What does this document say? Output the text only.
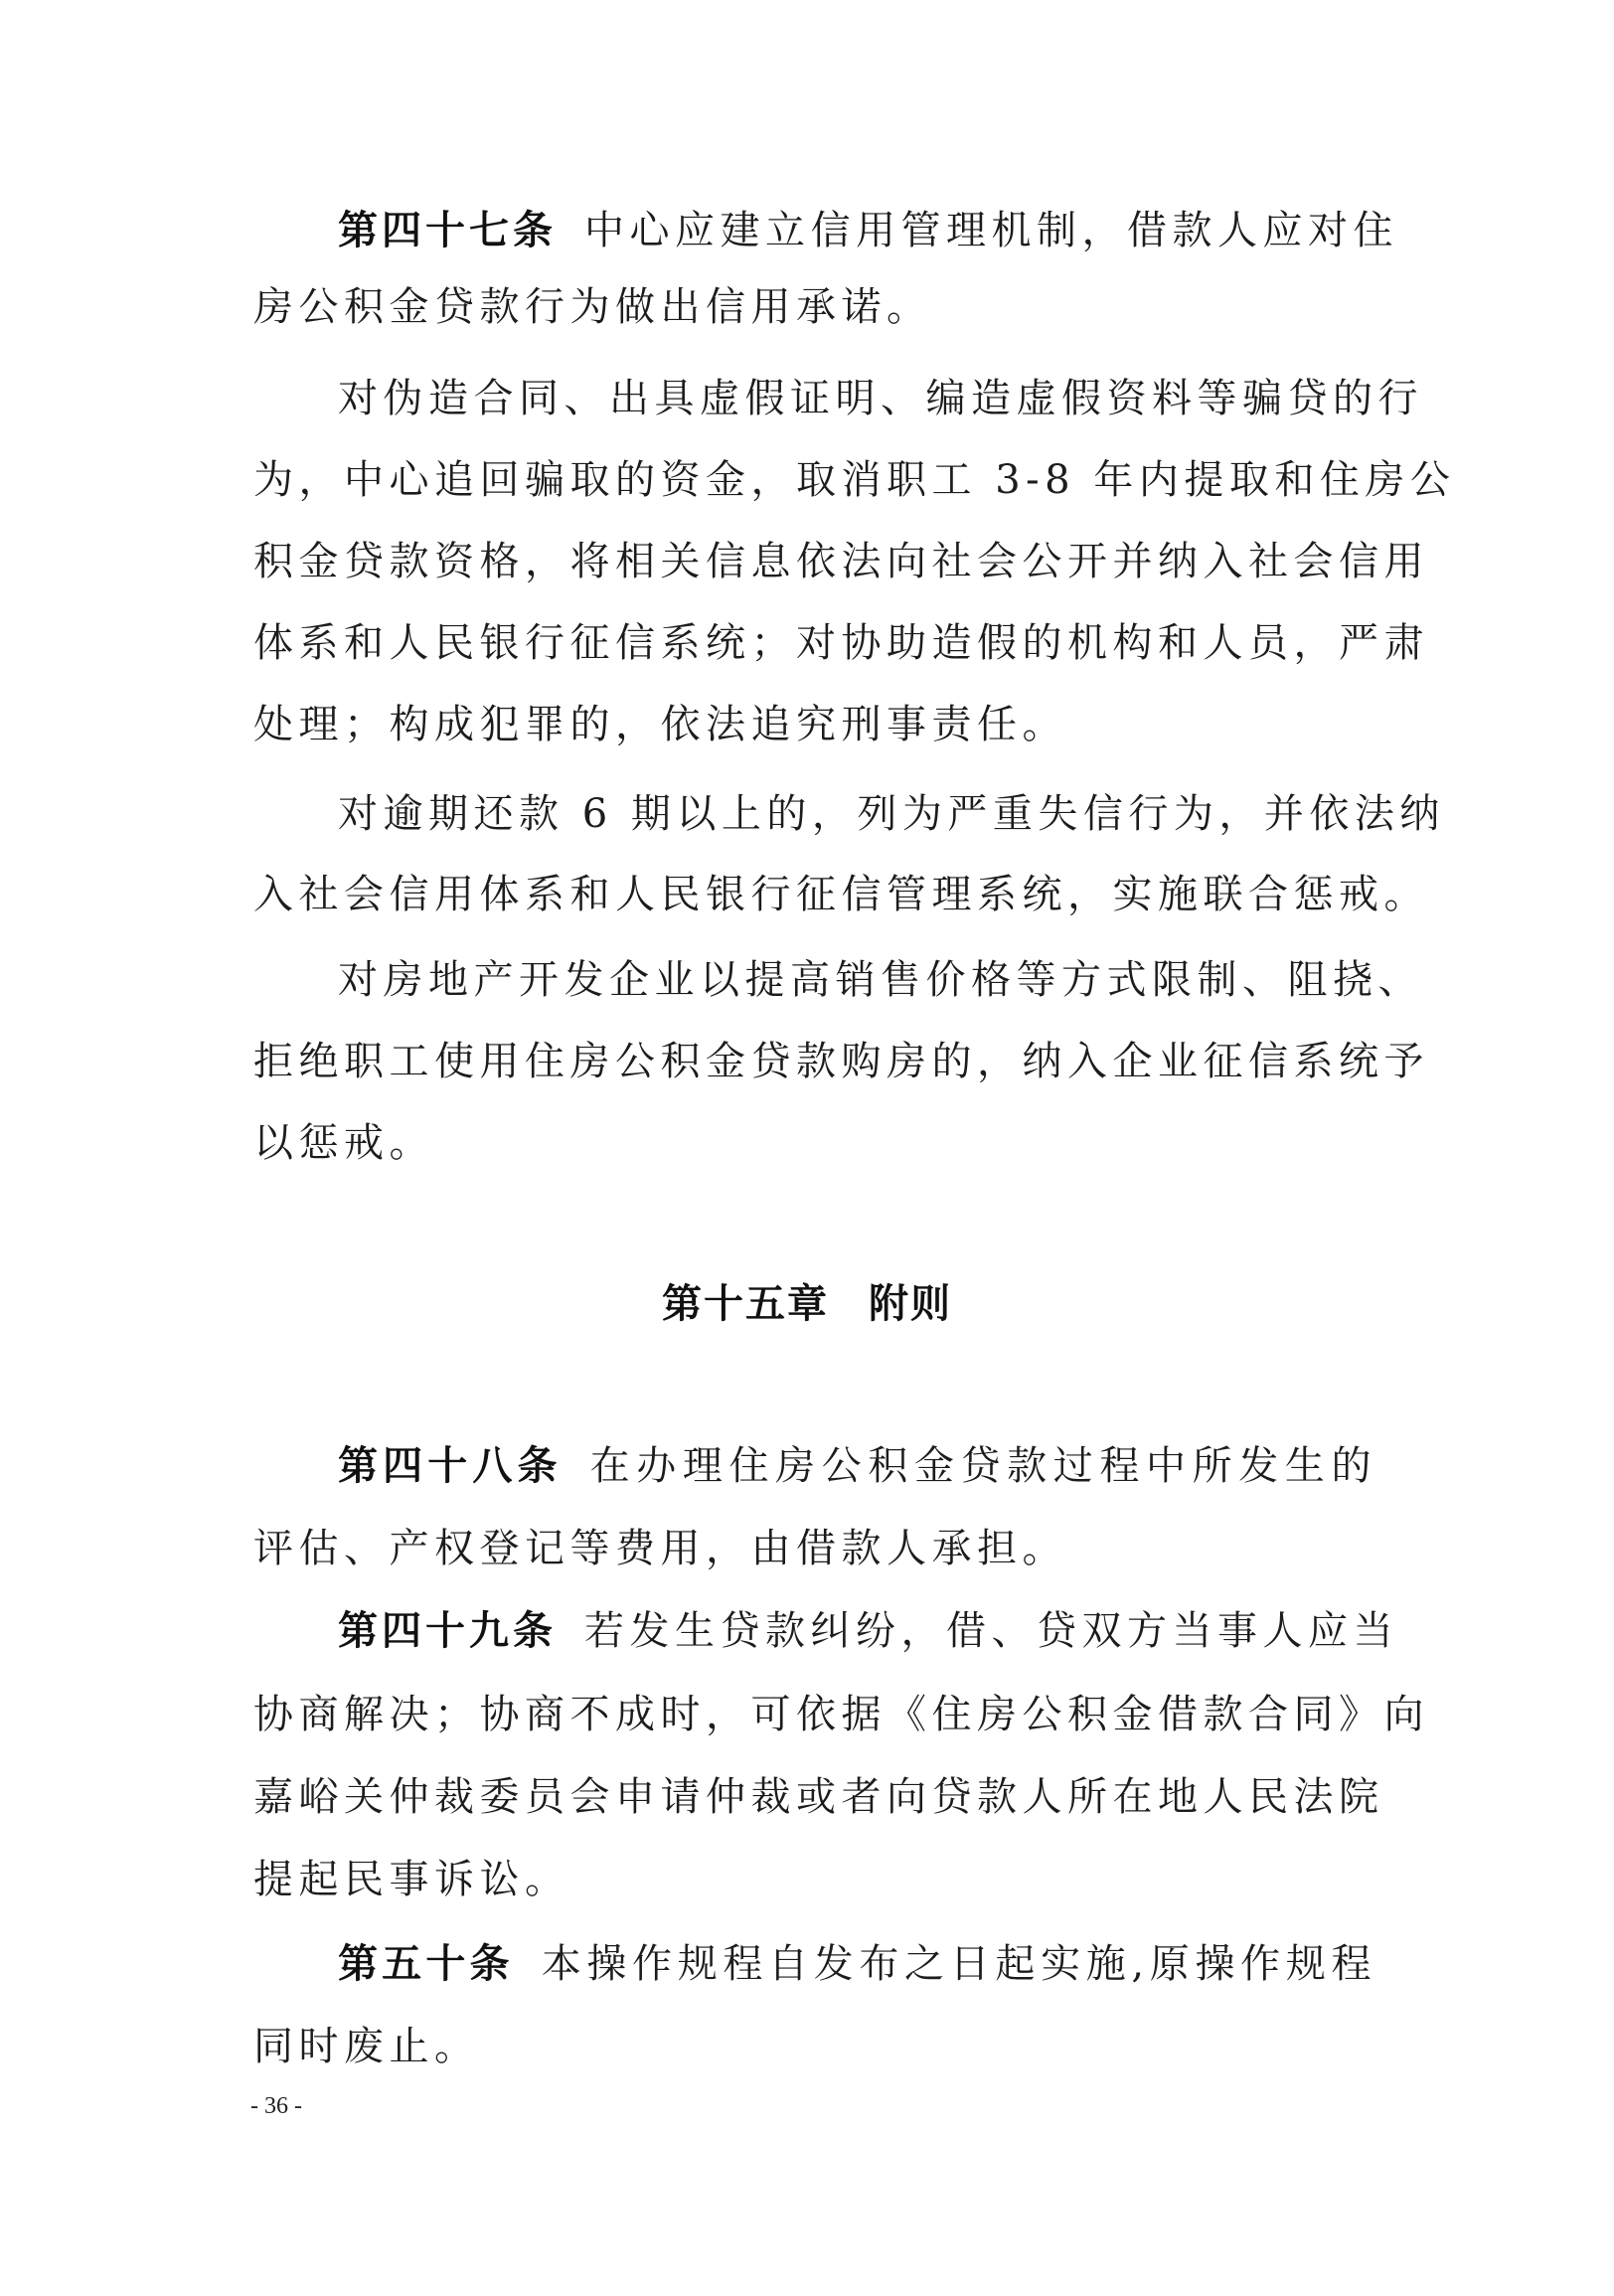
第四十七条 中心应建立信用管理机制，借款人应对住
房公积金贷款行为做出信用承诺。
对伪造合同、出具虚假证明、编造虚假资料等骗贷的行
为，中心追回骗取的资金，取消职工 3-8 年内提取和住房公
积金贷款资格，将相关信息依法向社会公开并纳入社会信用
体系和人民银行征信系统；对协助造假的机构和人员，严肃
处理；构成犯罪的，依法追究刑事责任。
对逾期还款 6 期以上的，列为严重失信行为，并依法纳
入社会信用体系和人民银行征信管理系统，实施联合惩戒。
对房地产开发企业以提高销售价格等方式限制、阻挠、
拒绝职工使用住房公积金贷款购房的，纳入企业征信系统予
以惩戒。
第十五章 附则
第四十八条 在办理住房公积金贷款过程中所发生的
评估、产权登记等费用，由借款人承担。
第四十九条 若发生贷款纠纷，借、贷双方当事人应当
协商解决；协商不成时，可依据《住房公积金借款合同》向
嘉峪关仲裁委员会申请仲裁或者向贷款人所在地人民法院
提起民事诉讼。
第五十条 本操作规程自发布之日起实施,原操作规程
同时废止。
- 36 -
